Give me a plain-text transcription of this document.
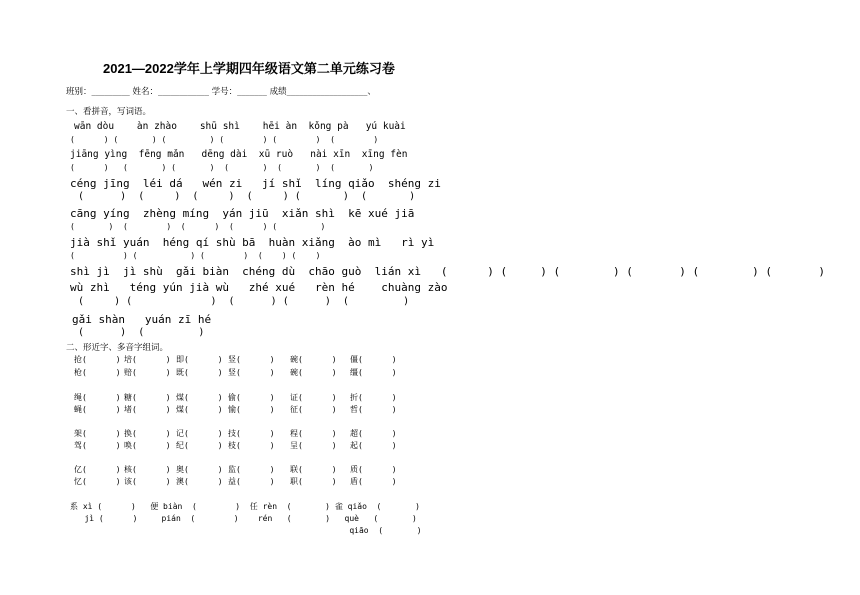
2021—2022学年上学期四年级语文第二单元练习卷
班别：_________ 姓名：____________ 学号：_______ 成绩___________________、
一、看拼音，写词语。
wān dòu    àn zhào    shū shì    hēi àn  kǒng pà   yú kuài
(      ) (       ) (         ) (        ) (        )  (        )
jiāng yìng  fēng mǎn   dēng dài  xū ruò   nài xīn  xīng fèn
(      )   (       ) (       )  (       )  (       )  (       )
céng jīng  léi dá   wén zi   jí shǐ  líng qiǎo  shéng zi
(      )  (     )  (     )  (     ) (       )  (       )
cāng yíng  zhèng míng  yán jiū  xiǎn shì  kē xué jiā
(       )  (        )  (      )  (      ) (         )
jià shǐ yuán  héng qí shù bā  huàn xiǎng  ào mì   rì yì
(          ) (           ) (        )  (    ) (    )
shì jì  jì shù  gǎi biàn  chéng dù  chāo guò  lián xì   (      ) (     ) (        ) (       ) (        ) (       )
wù zhì   téng yún jià wù   zhé xué   rèn hé    chuàng zào
(     ) (             )  (      ) (      )  (         )
gǎi shàn   yuán zī hé
(      )  (         )
二、形近字、多音字组词。
抢(      ) 培(      ) 即(      ) 竖(      ) 碗(      ) 僵(      )
枪(      ) 赔(      ) 既(      ) 竖(      ) 碗(      ) 缰(      )
绳(      ) 糖(      ) 煤(      ) 偷(      ) 证(      ) 折(      )
蝇(      ) 堵(      ) 煤(      ) 愉(      ) 征(      ) 哲(      )
架(      ) 换(      ) 记(      ) 技(      ) 程(      ) 超(      )
驾(      ) 唤(      ) 纪(      ) 枝(      ) 呈(      ) 起(      )
亿(      ) 核(      ) 奥(      ) 监(      ) 联(      ) 质(      )
忆(      ) 该(      ) 澳(      ) 益(      ) 职(      ) 盾(      )
系 xì (      )   便 biàn  (        )  任 rèn  (       ) 雀 qiǎo  (       )
jì (      )     pián  (        )    rén   (       )   què   (       )
qiāo  (       )
